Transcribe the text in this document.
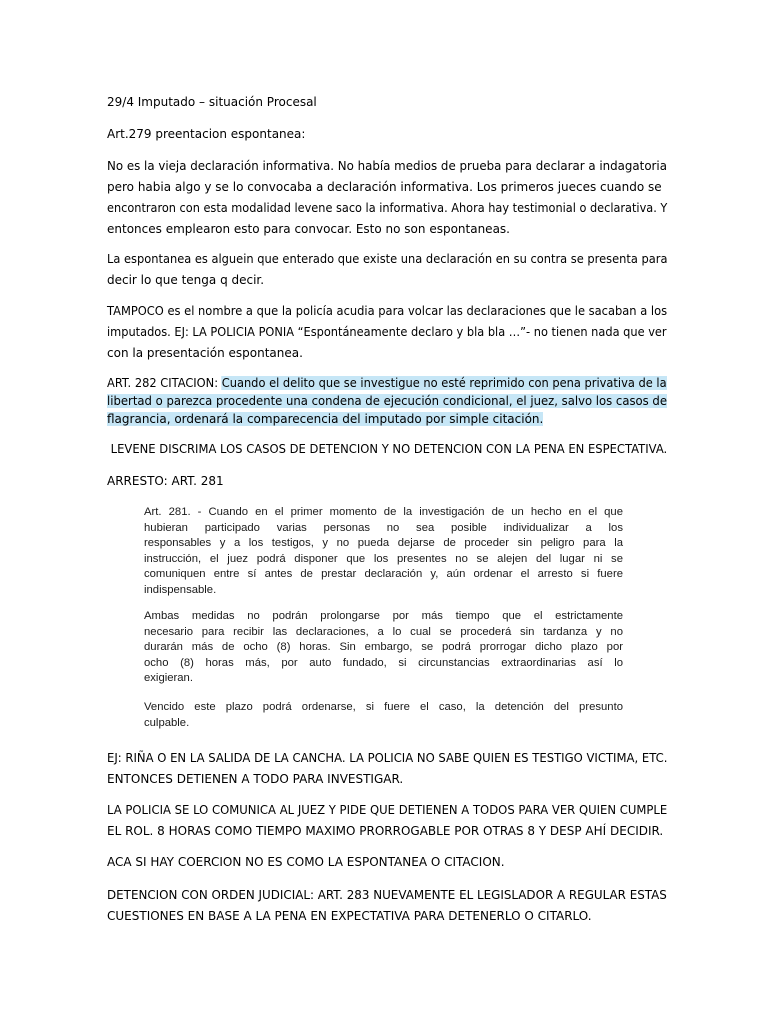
29/4 Imputado – situación Procesal
Art.279 preentacion espontanea:
No es la vieja declaración informativa. No había medios de prueba para declarar a indagatoria
pero habia algo y se lo convocaba a declaración informativa. Los primeros jueces cuando se
encontraron con esta modalidad levene saco la informativa. Ahora hay testimonial o declarativa. Y
entonces emplearon esto para convocar. Esto no son espontaneas.
La espontanea es alguein que enterado que existe una declaración en su contra se presenta para
decir lo que tenga q decir.
TAMPOCO es el nombre a que la policía acudia para volcar las declaraciones que le sacaban a los
imputados. EJ: LA POLICIA PONIA “Espontáneamente declaro y bla bla …”- no tienen nada que ver
con la presentación espontanea.
ART. 282 CITACION: Cuando el delito que se investigue no esté reprimido con pena privativa de la
libertad o parezca procedente una condena de ejecución condicional, el juez, salvo los casos de
flagrancia, ordenará la comparecencia del imputado por simple citación.
LEVENE DISCRIMA LOS CASOS DE DETENCION Y NO DETENCION CON LA PENA EN ESPECTATIVA.
ARRESTO: ART. 281
Art. 281. - Cuando en el primer momento de la investigación de un hecho en el que
hubieran participado varias personas no sea posible individualizar a los
responsables y a los testigos, y no pueda dejarse de proceder sin peligro para la
instrucción, el juez podrá disponer que los presentes no se alejen del lugar ni se
comuniquen entre sí antes de prestar declaración y, aún ordenar el arresto si fuere
indispensable.
Ambas medidas no podrán prolongarse por más tiempo que el estrictamente
necesario para recibir las declaraciones, a lo cual se procederá sin tardanza y no
durarán más de ocho (8) horas. Sin embargo, se podrá prorrogar dicho plazo por
ocho (8) horas más, por auto fundado, si circunstancias extraordinarias así lo
exigieran.
Vencido este plazo podrá ordenarse, si fuere el caso, la detención del presunto
culpable.
EJ: RIÑA O EN LA SALIDA DE LA CANCHA. LA POLICIA NO SABE QUIEN ES TESTIGO VICTIMA, ETC.
ENTONCES DETIENEN A TODO PARA INVESTIGAR.
LA POLICIA SE LO COMUNICA AL JUEZ Y PIDE QUE DETIENEN A TODOS PARA VER QUIEN CUMPLE
EL ROL. 8 HORAS COMO TIEMPO MAXIMO PRORROGABLE POR OTRAS 8 Y DESP AHÍ DECIDIR.
ACA SI HAY COERCION NO ES COMO LA ESPONTANEA O CITACION.
DETENCION CON ORDEN JUDICIAL: ART. 283 NUEVAMENTE EL LEGISLADOR A REGULAR ESTAS
CUESTIONES EN BASE A LA PENA EN EXPECTATIVA PARA DETENERLO O CITARLO.
